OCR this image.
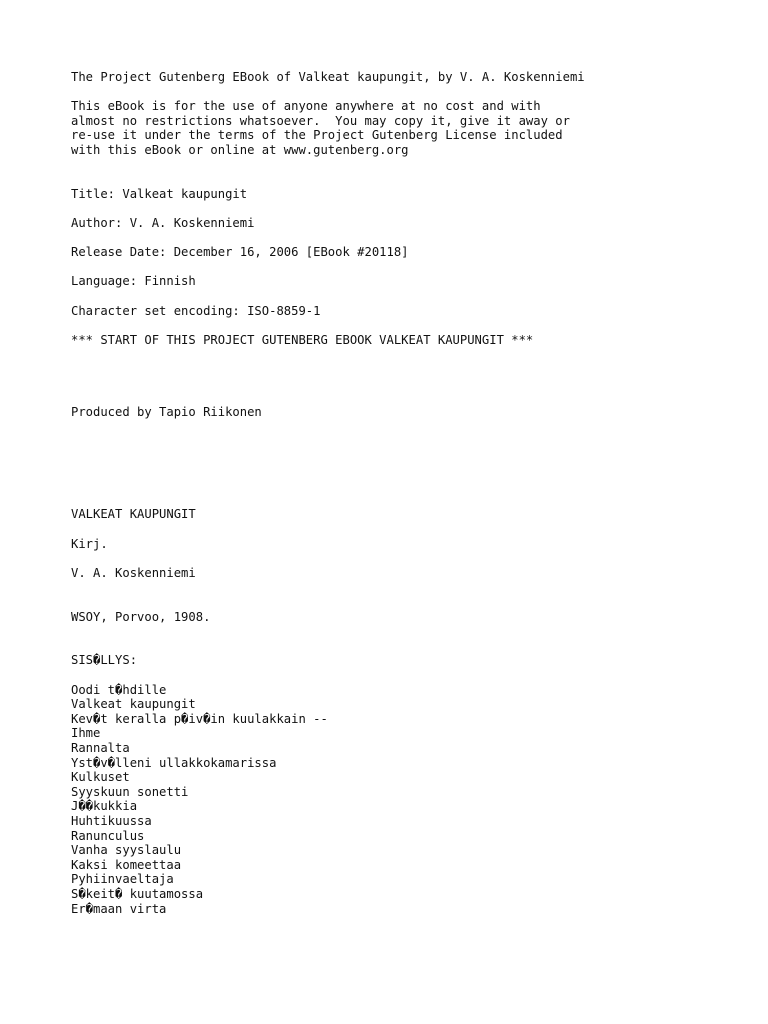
The Project Gutenberg EBook of Valkeat kaupungit, by V. A. Koskenniemi
This eBook is for the use of anyone anywhere at no cost and with
almost no restrictions whatsoever.  You may copy it, give it away or
re-use it under the terms of the Project Gutenberg License included
with this eBook or online at www.gutenberg.org
Title: Valkeat kaupungit
Author: V. A. Koskenniemi
Release Date: December 16, 2006 [EBook #20118]
Language: Finnish
Character set encoding: ISO-8859-1
*** START OF THIS PROJECT GUTENBERG EBOOK VALKEAT KAUPUNGIT ***
Produced by Tapio Riikonen
VALKEAT KAUPUNGIT
Kirj.
V. A. Koskenniemi
WSOY, Porvoo, 1908.
SIS�LLYS:
Oodi t�hdille
Valkeat kaupungit
Kev�t keralla p�iv�in kuulakkain --
Ihme
Rannalta
Yst�v�lleni ullakkokamarissa
Kulkuset
Syyskuun sonetti
J��kukkia
Huhtikuussa
Ranunculus
Vanha syyslaulu
Kaksi komeettaa
Pyhiinvaeltaja
S�keit� kuutamossa
Er�maan virta
